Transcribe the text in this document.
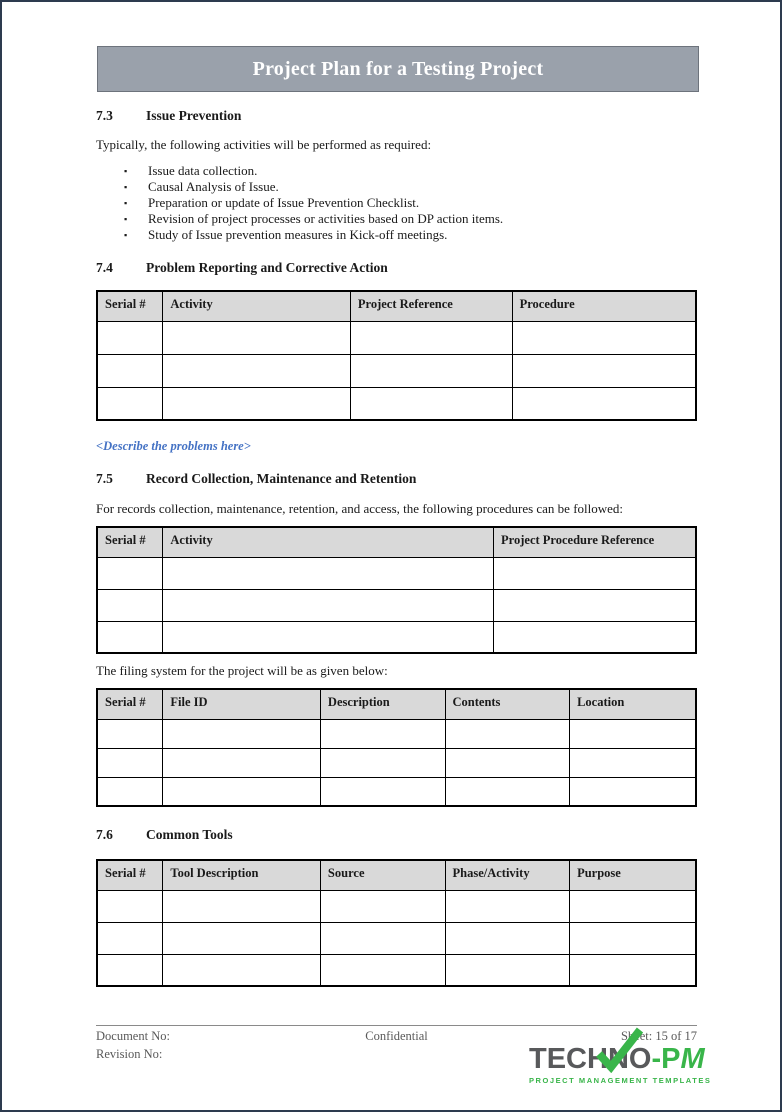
Project Plan for a Testing Project
7.3	Issue Prevention

Typically, the following activities will be performed as required:

▪	Issue data collection.
▪	Causal Analysis of Issue.
▪	Preparation or update of Issue Prevention Checklist.
▪	Revision of project processes or activities based on DP action items.
▪	Study of Issue prevention measures in Kick-off meetings.
7.4	Problem Reporting and Corrective Action
Serial #	Activity	Project Reference	Procedure

<Describe the problems here>

7.5	Record Collection, Maintenance and Retention

For records collection, maintenance, retention, and access, the following procedures can be followed:

Serial #	Activity	Project Procedure Reference

The filing system for the project will be as given below:

Serial #	File ID	Description	Contents	Location

7.6	Common Tools
Serial #	Tool Description	Source	Phase/Activity	Purpose

Document No:	Confidential	Sheet: 15 of 17
Revision No:	TECH N O -P M
PROJECT MANAGEMENT TEMPLATES
